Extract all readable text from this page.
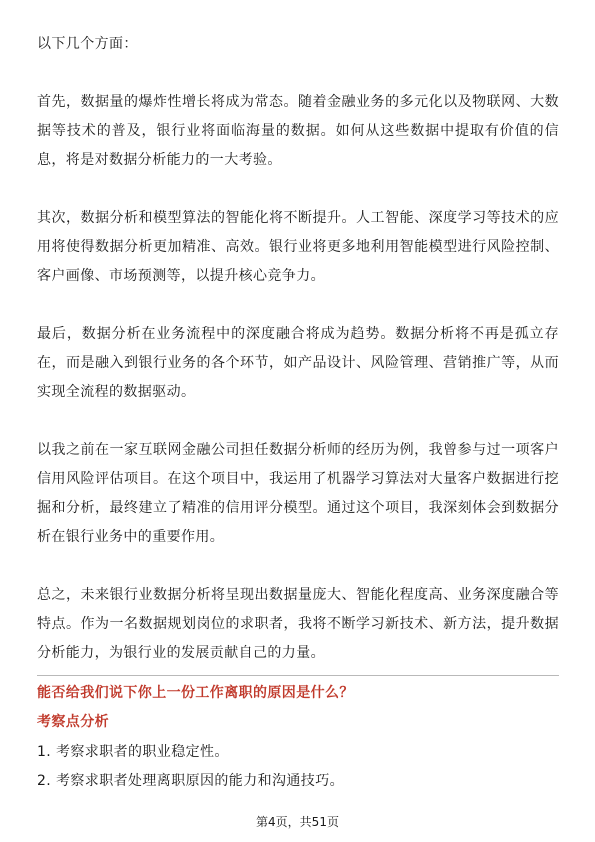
以下几个方面：

首先，数据量的爆炸性增长将成为常态。随着金融业务的多元化以及物联网、大数据等技术的普及，银行业将面临海量的数据。如何从这些数据中提取有价值的信息，将是对数据分析能力的一大考验。

其次，数据分析和模型算法的智能化将不断提升。人工智能、深度学习等技术的应用将使得数据分析更加精准、高效。银行业将更多地利用智能模型进行风险控制、客户画像、市场预测等，以提升核心竞争力。

最后，数据分析在业务流程中的深度融合将成为趋势。数据分析将不再是孤立存在，而是融入到银行业务的各个环节，如产品设计、风险管理、营销推广等，从而实现全流程的数据驱动。

以我之前在一家互联网金融公司担任数据分析师的经历为例，我曾参与过一项客户信用风险评估项目。在这个项目中，我运用了机器学习算法对大量客户数据进行挖掘和分析，最终建立了精准的信用评分模型。通过这个项目，我深刻体会到数据分析在银行业务中的重要作用。

总之，未来银行业数据分析将呈现出数据量庞大、智能化程度高、业务深度融合等特点。作为一名数据规划岗位的求职者，我将不断学习新技术、新方法，提升数据分析能力，为银行业的发展贡献自己的力量。

能否给我们说下你上一份工作离职的原因是什么？

考察点分析

1. 考察求职者的职业稳定性。
2. 考察求职者处理离职原因的能力和沟通技巧。
第4页，共51页
